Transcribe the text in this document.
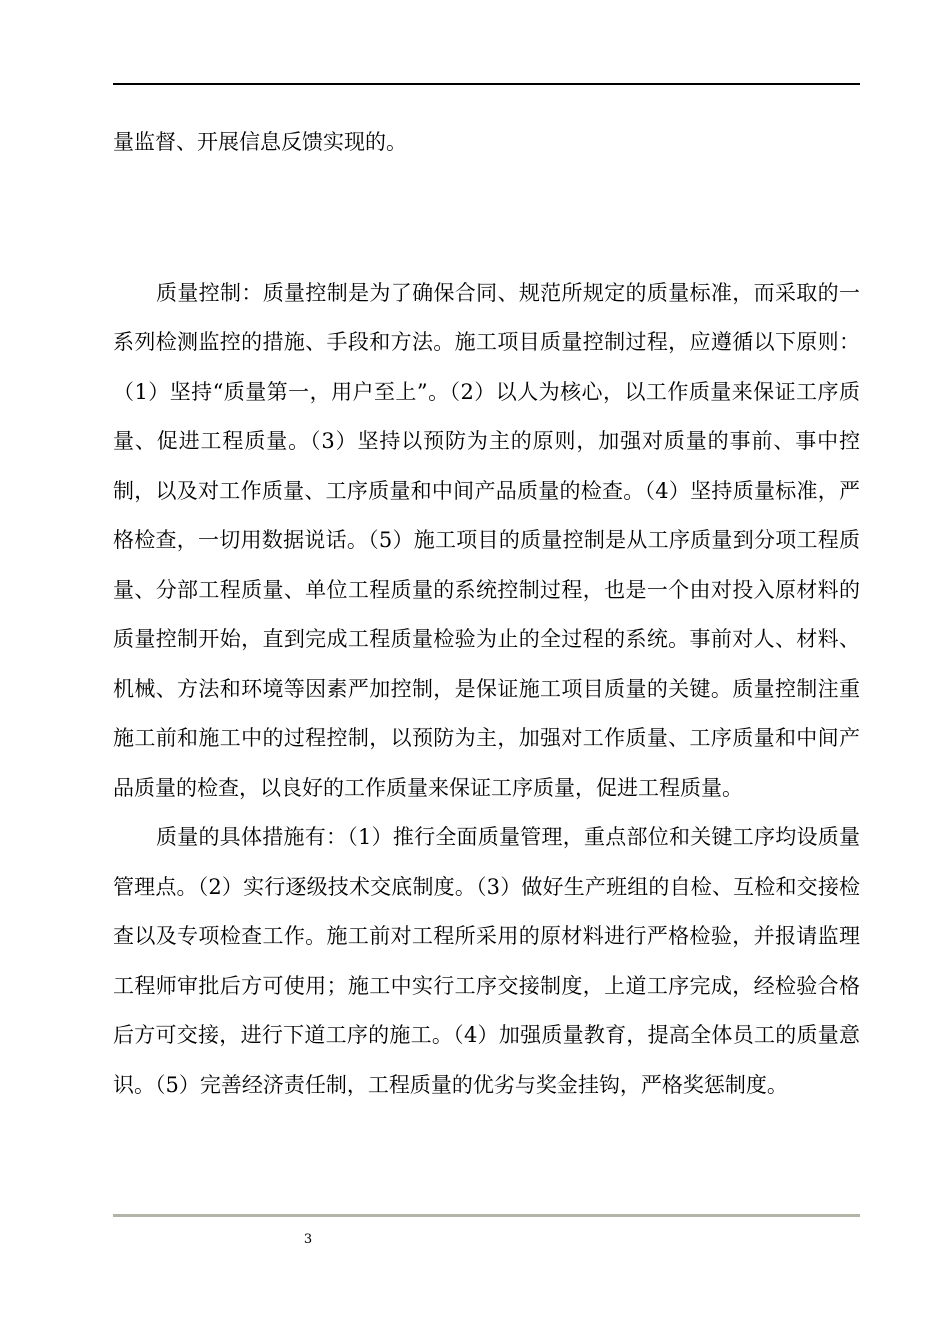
量监督、开展信息反馈实现的。

质量控制：质量控制是为了确保合同、规范所规定的质量标准，而采取的一系列检测监控的措施、手段和方法。施工项目质量控制过程，应遵循以下原则：（1）坚持“质量第一，用户至上”。（2）以人为核心，以工作质量来保证工序质量、促进工程质量。（3）坚持以预防为主的原则，加强对质量的事前、事中控制，以及对工作质量、工序质量和中间产品质量的检查。（4）坚持质量标准，严格检查，一切用数据说话。（5）施工项目的质量控制是从工序质量到分项工程质量、分部工程质量、单位工程质量的系统控制过程，也是一个由对投入原材料的质量控制开始，直到完成工程质量检验为止的全过程的系统。事前对人、材料、机械、方法和环境等因素严加控制，是保证施工项目质量的关键。质量控制注重施工前和施工中的过程控制，以预防为主，加强对工作质量、工序质量和中间产品质量的检查，以良好的工作质量来保证工序质量，促进工程质量。

质量的具体措施有：（1）推行全面质量管理，重点部位和关键工序均设质量管理点。（2）实行逐级技术交底制度。（3）做好生产班组的自检、互检和交接检查以及专项检查工作。施工前对工程所采用的原材料进行严格检验，并报请监理工程师审批后方可使用；施工中实行工序交接制度，上道工序完成，经检验合格后方可交接，进行下道工序的施工。（4）加强质量教育，提高全体员工的质量意识。（5）完善经济责任制，工程质量的优劣与奖金挂钩，严格奖惩制度。

3
